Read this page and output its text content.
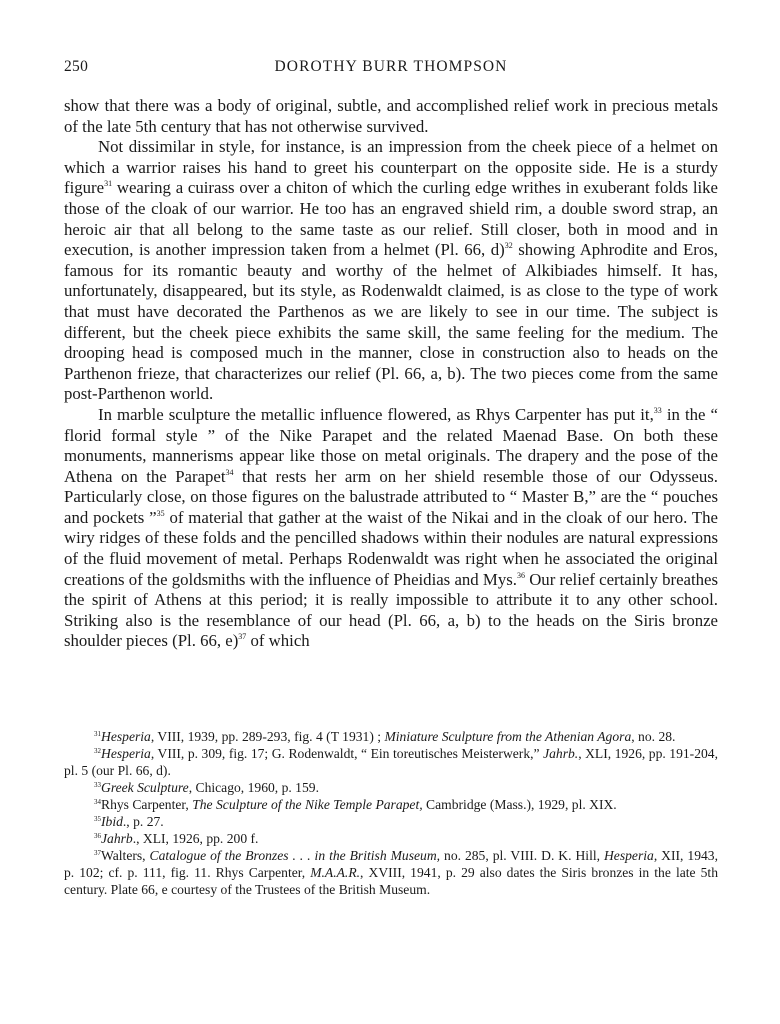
250	DOROTHY BURR THOMPSON

show that there was a body of original, subtle, and accomplished relief work in precious metals of the late 5th century that has not otherwise survived.

Not dissimilar in style, for instance, is an impression from the cheek piece of a helmet on which a warrior raises his hand to greet his counterpart on the opposite side. He is a sturdy figure$^{31}$ wearing a cuirass over a chiton of which the curling edge writhes in exuberant folds like those of the cloak of our warrior. He too has an engraved shield rim, a double sword strap, an heroic air that all belong to the same taste as our relief. Still closer, both in mood and in execution, is another impression taken from a helmet (Pl. 66, d)$^{32}$ showing Aphrodite and Eros, famous for its romantic beauty and worthy of the helmet of Alkibiades himself. It has, unfortunately, disappeared, but its style, as Rodenwaldt claimed, is as close to the type of work that must have decorated the Parthenos as we are likely to see in our time. The subject is different, but the cheek piece exhibits the same skill, the same feeling for the medium. The drooping head is composed much in the manner, close in construction also to heads on the Parthenon frieze, that characterizes our relief (Pl. 66, a, b). The two pieces come from the same post-Parthenon world.

In marble sculpture the metallic influence flowered, as Rhys Carpenter has put it,$^{33}$ in the “ florid formal style ” of the Nike Parapet and the related Maenad Base. On both these monuments, mannerisms appear like those on metal originals. The drapery and the pose of the Athena on the Parapet$^{34}$ that rests her arm on her shield resemble those of our Odysseus. Particularly close, on those figures on the balustrade attributed to “ Master B,” are the “ pouches and pockets ”$^{35}$ of material that gather at the waist of the Nikai and in the cloak of our hero. The wiry ridges of these folds and the pencilled shadows within their nodules are natural expressions of the fluid movement of metal. Perhaps Rodenwaldt was right when he associated the original creations of the goldsmiths with the influence of Pheidias and Mys.$^{36}$ Our relief certainly breathes the spirit of Athens at this period; it is really impossible to attribute it to any other school. Striking also is the resemblance of our head (Pl. 66, a, b) to the heads on the Siris bronze shoulder pieces (Pl. 66, e)$^{37}$ of which

$^{31}$Hesperia, VIII, 1939, pp. 289-293, fig. 4 (T 1931) ; Miniature Sculpture from the Athenian Agora, no. 28.

$^{32}$Hesperia, VIII, p. 309, fig. 17; G. Rodenwaldt, “ Ein toreutisches Meisterwerk,” Jahrb., XLI, 1926, pp. 191-204, pl. 5 (our Pl. 66, d).

$^{33}$Greek Sculpture, Chicago, 1960, p. 159.

$^{34}$Rhys Carpenter, The Sculpture of the Nike Temple Parapet, Cambridge (Mass.), 1929, pl. XIX.

$^{35}$Ibid., p. 27.

$^{36}$Jahrb., XLI, 1926, pp. 200 f.

$^{37}$Walters, Catalogue of the Bronzes . . . in the British Museum, no. 285, pl. VIII. D. K. Hill, Hesperia, XII, 1943, p. 102; cf. p. 111, fig. 11. Rhys Carpenter, M.A.A.R., XVIII, 1941, p. 29 also dates the Siris bronzes in the late 5th century. Plate 66, e courtesy of the Trustees of the British Museum.
